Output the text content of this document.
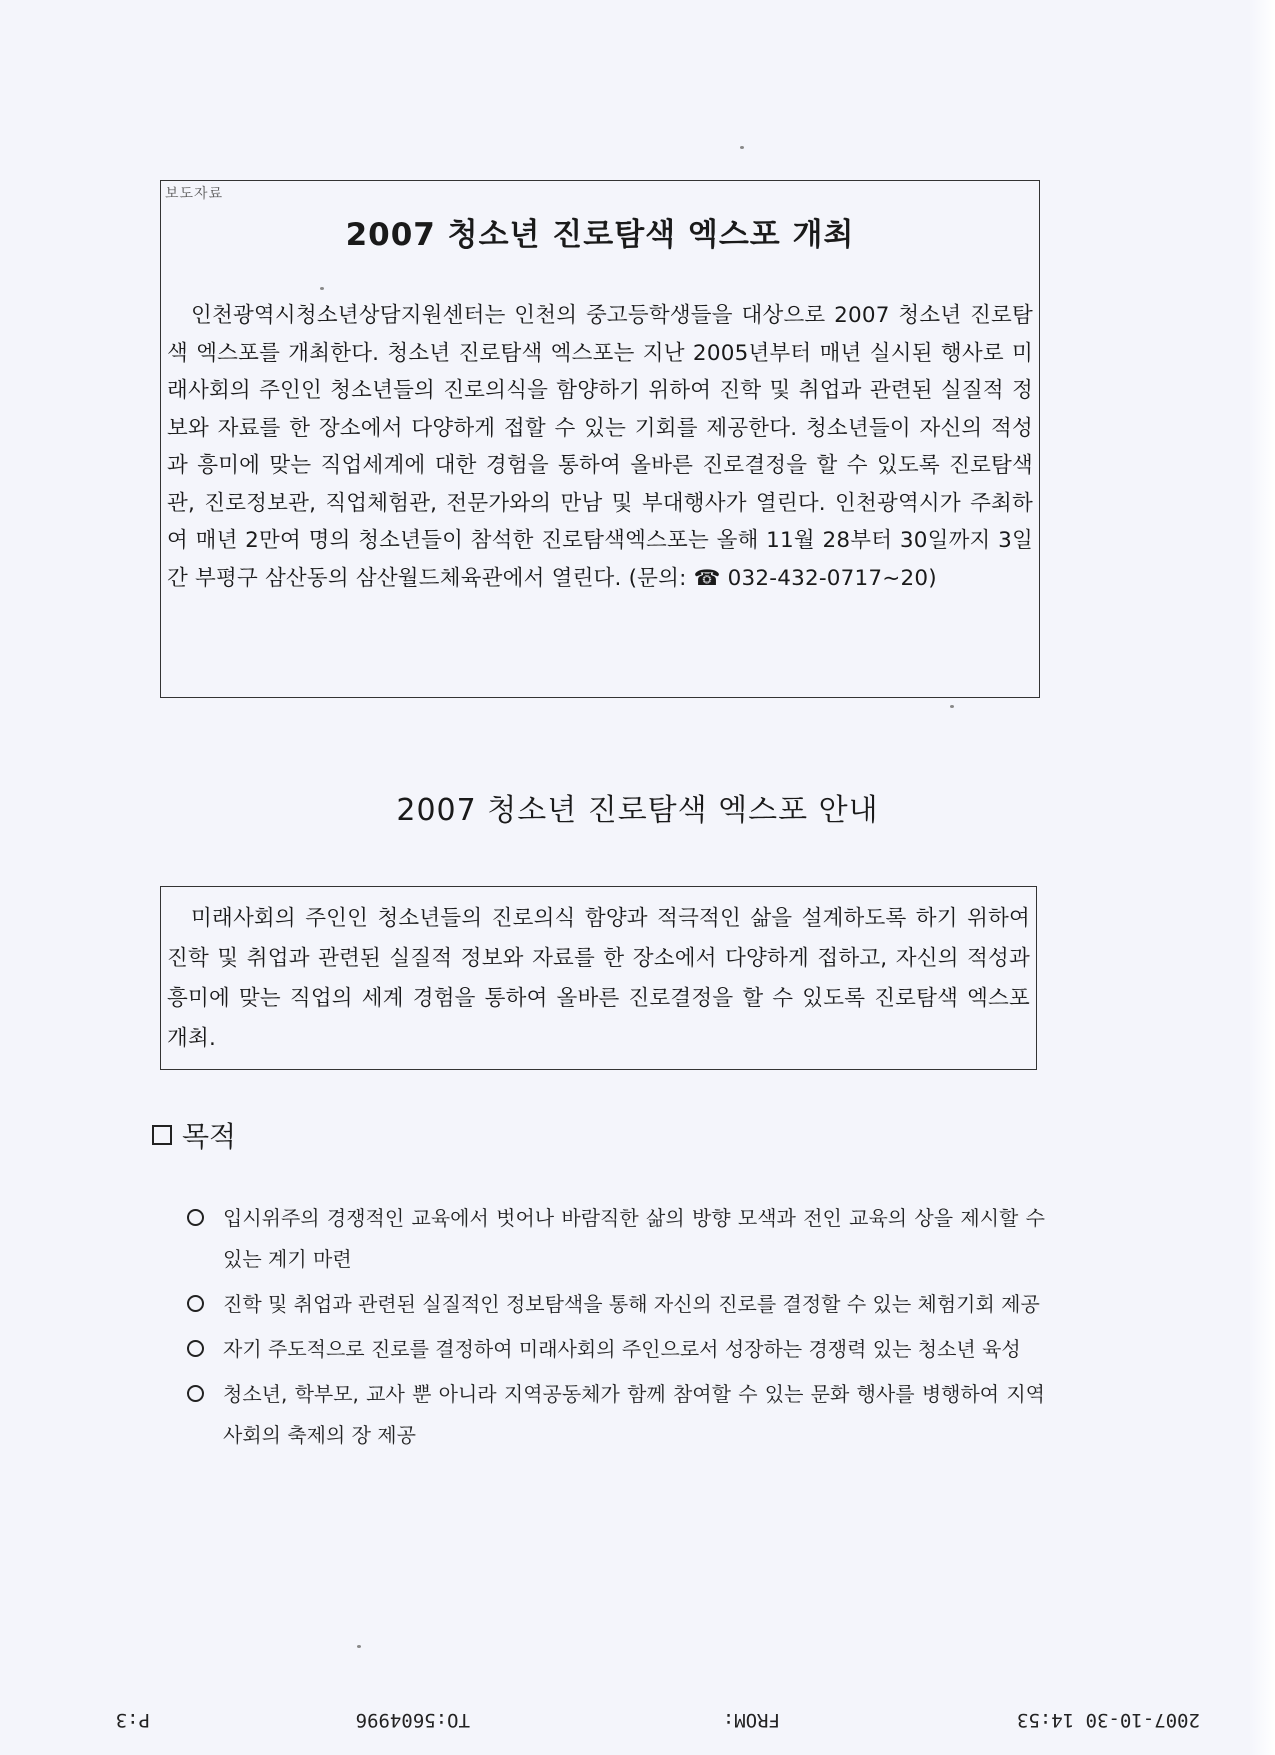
보도자료
2007 청소년 진로탐색 엑스포 개최
인천광역시청소년상담지원센터는 인천의 중고등학생들을 대상으로 2007 청소년 진로탐색 엑스포를 개최한다. 청소년 진로탐색 엑스포는 지난 2005년부터 매년 실시된 행사로 미래사회의 주인인 청소년들의 진로의식을 함양하기 위하여 진학 및 취업과 관련된 실질적 정보와 자료를 한 장소에서 다양하게 접할 수 있는 기회를 제공한다. 청소년들이 자신의 적성과 흥미에 맞는 직업세계에 대한 경험을 통하여 올바른 진로결정을 할 수 있도록 진로탐색관, 진로정보관, 직업체험관, 전문가와의 만남 및 부대행사가 열린다. 인천광역시가 주최하여 매년 2만여 명의 청소년들이 참석한 진로탐색엑스포는 올해 11월 28부터 30일까지 3일간 부평구 삼산동의 삼산월드체육관에서 열린다. (문의: ☎ 032-432-0717~20)
2007 청소년 진로탐색 엑스포 안내
미래사회의 주인인 청소년들의 진로의식 함양과 적극적인 삶을 설계하도록 하기 위하여 진학 및 취업과 관련된 실질적 정보와 자료를 한 장소에서 다양하게 접하고, 자신의 적성과 흥미에 맞는 직업의 세계 경험을 통하여 올바른 진로결정을 할 수 있도록 진로탐색 엑스포 개최.
목적
입시위주의 경쟁적인 교육에서 벗어나 바람직한 삶의 방향 모색과 전인 교육의 상을 제시할 수 있는 계기 마련
진학 및 취업과 관련된 실질적인 정보탐색을 통해 자신의 진로를 결정할 수 있는 체험기회 제공
자기 주도적으로 진로를 결정하여 미래사회의 주인으로서 성장하는 경쟁력 있는 청소년 육성
청소년, 학부모, 교사 뿐 아니라 지역공동체가 함께 참여할 수 있는 문화 행사를 병행하여 지역사회의 축제의 장 제공
2007-10-30 14:53
FROM:
TO:5604996
P:3
